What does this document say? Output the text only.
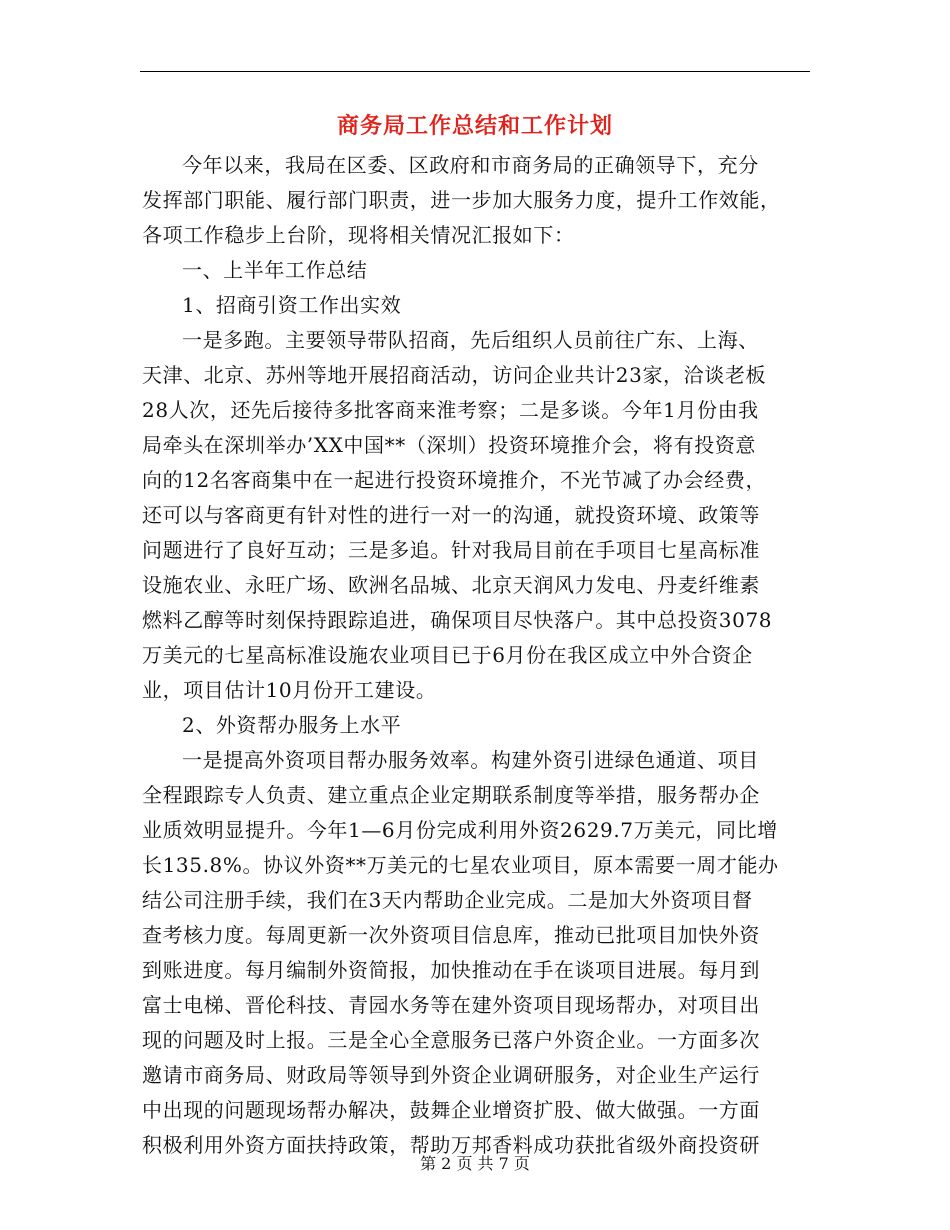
商务局工作总结和工作计划
今年以来，我局在区委、区政府和市商务局的正确领导下，充分
发挥部门职能、履行部门职责，进一步加大服务力度，提升工作效能，
各项工作稳步上台阶，现将相关情况汇报如下：
一、上半年工作总结
1、招商引资工作出实效
一是多跑。主要领导带队招商，先后组织人员前往广东、上海、
天津、北京、苏州等地开展招商活动，访问企业共计23家，洽谈老板
28人次，还先后接待多批客商来淮考察；二是多谈。今年1月份由我
局牵头在深圳举办’XX中国**（深圳）投资环境推介会，将有投资意
向的12名客商集中在一起进行投资环境推介，不光节减了办会经费，
还可以与客商更有针对性的进行一对一的沟通，就投资环境、政策等
问题进行了良好互动；三是多追。针对我局目前在手项目七星高标准
设施农业、永旺广场、欧洲名品城、北京天润风力发电、丹麦纤维素
燃料乙醇等时刻保持跟踪追进，确保项目尽快落户。其中总投资3078
万美元的七星高标准设施农业项目已于6月份在我区成立中外合资企
业，项目估计10月份开工建设。
2、外资帮办服务上水平
一是提高外资项目帮办服务效率。构建外资引进绿色通道、项目
全程跟踪专人负责、建立重点企业定期联系制度等举措，服务帮办企
业质效明显提升。今年1—6月份完成利用外资2629.7万美元，同比增
长135.8%。协议外资**万美元的七星农业项目，原本需要一周才能办
结公司注册手续，我们在3天内帮助企业完成。二是加大外资项目督
查考核力度。每周更新一次外资项目信息库，推动已批项目加快外资
到账进度。每月编制外资简报，加快推动在手在谈项目进展。每月到
富士电梯、晋伦科技、青园水务等在建外资项目现场帮办，对项目出
现的问题及时上报。三是全心全意服务已落户外资企业。一方面多次
邀请市商务局、财政局等领导到外资企业调研服务，对企业生产运行
中出现的问题现场帮办解决，鼓舞企业增资扩股、做大做强。一方面
积极利用外资方面扶持政策，帮助万邦香料成功获批省级外商投资研
第 2 页 共 7 页
